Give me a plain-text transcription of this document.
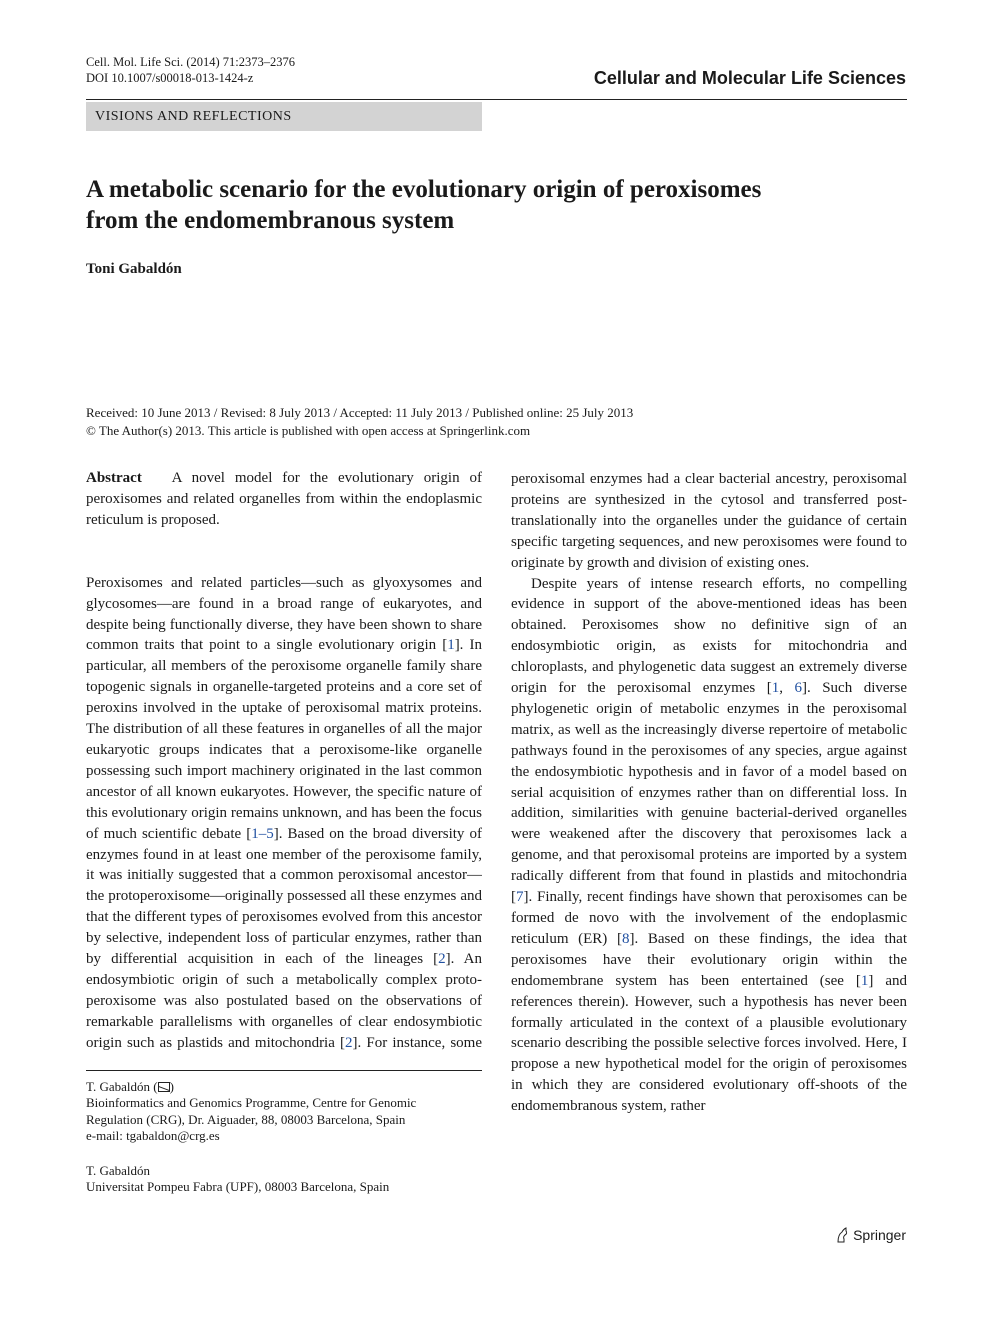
Cell. Mol. Life Sci. (2014) 71:2373–2376
DOI 10.1007/s00018-013-1424-z	Cellular and Molecular Life Sciences
VISIONS AND REFLECTIONS
A metabolic scenario for the evolutionary origin of peroxisomes
from the endomembranous system
Toni Gabaldón
Received: 10 June 2013 / Revised: 8 July 2013 / Accepted: 11 July 2013 / Published online: 25 July 2013
© The Author(s) 2013. This article is published with open access at Springerlink.com

Abstract A novel model for the evolutionary origin of peroxisomes and related organelles from within the endoplasmic reticulum is proposed.

Peroxisomes and related particles—such as glyoxysomes and glycosomes—are found in a broad range of eukaryotes, and despite being functionally diverse, they have been shown to share common traits that point to a single evolutionary origin [1]. In particular, all members of the peroxisome organelle family share topogenic signals in organelle-targeted proteins and a core set of peroxins involved in the uptake of peroxisomal matrix proteins. The distribution of all these features in organelles of all the major eukaryotic groups indicates that a peroxisome-like organelle possessing such import machinery originated in the last common ancestor of all known eukaryotes. However, the specific nature of this evolutionary origin remains unknown, and has been the focus of much scientific debate [1–5]. Based on the broad diversity of enzymes found in at least one member of the peroxisome family, it was initially suggested that a common peroxisomal ancestor—the protoperoxisome—originally possessed all these enzymes and that the different types of peroxisomes evolved from this ancestor by selective, independent loss of particular enzymes, rather than by differential acquisition in each of the lineages [2]. An endosymbiotic origin of such a metabolically complex proto-peroxisome was also postulated based on the observations of remarkable parallelisms with organelles of clear endosymbiotic origin such as plastids and mitochondria [2]. For instance, some

peroxisomal enzymes had a clear bacterial ancestry, peroxisomal proteins are synthesized in the cytosol and transferred post-translationally into the organelles under the guidance of certain specific targeting sequences, and new peroxisomes were found to originate by growth and division of existing ones.

Despite years of intense research efforts, no compelling evidence in support of the above-mentioned ideas has been obtained. Peroxisomes show no definitive sign of an endosymbiotic origin, as exists for mitochondria and chloroplasts, and phylogenetic data suggest an extremely diverse origin for the peroxisomal enzymes [1, 6]. Such diverse phylogenetic origin of metabolic enzymes in the peroxisomal matrix, as well as the increasingly diverse repertoire of metabolic pathways found in the peroxisomes of any species, argue against the endosymbiotic hypothesis and in favor of a model based on serial acquisition of enzymes rather than on differential loss. In addition, similarities with genuine bacterial-derived organelles were weakened after the discovery that peroxisomes lack a genome, and that peroxisomal proteins are imported by a system radically different from that found in plastids and mitochondria [7]. Finally, recent findings have shown that peroxisomes can be formed de novo with the involvement of the endoplasmic reticulum (ER) [8]. Based on these findings, the idea that peroxisomes have their evolutionary origin within the endomembrane system has been entertained (see [1] and references therein). However, such a hypothesis has never been formally articulated in the context of a plausible evolutionary scenario describing the possible selective forces involved. Here, I propose a new hypothetical model for the origin of peroxisomes in which they are considered evolutionary off-shoots of the endomembranous system, rather

T. Gabaldón ( )
Bioinformatics and Genomics Programme, Centre for Genomic
Regulation (CRG), Dr. Aiguader, 88, 08003 Barcelona, Spain
e-mail: tgabaldon@crg.es
T. Gabaldón
Universitat Pompeu Fabra (UPF), 08003 Barcelona, Spain
Springer
